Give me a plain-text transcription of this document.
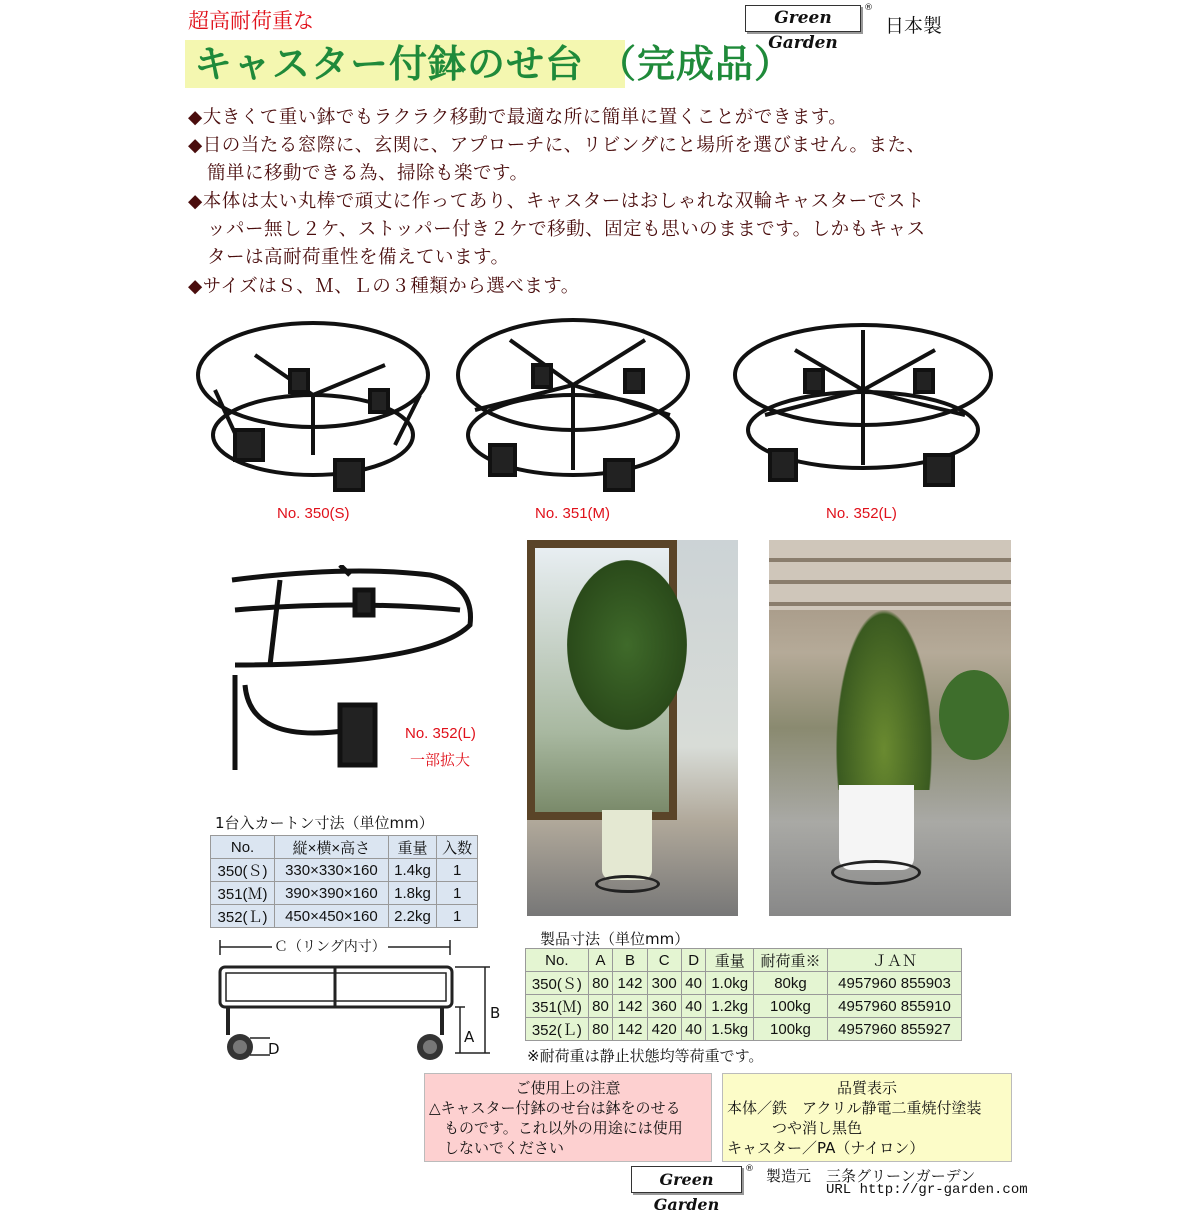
超高耐荷重な	Green Garden
®
日本製
キャスター付鉢のせ台 （完成品）
◆大きくて重い鉢でもラクラク移動で最適な所に簡単に置くことができます。
◆日の当たる窓際に、玄関に、アプローチに、リビングにと場所を選びません。また、
　簡単に移動できる為、掃除も楽です。
◆本体は太い丸棒で頑丈に作ってあり、キャスターはおしゃれな双輪キャスターでスト
　ッパー無し２ケ、ストッパー付き２ケで移動、固定も思いのままです。しかもキャス
　ターは高耐荷重性を備えています。
◆サイズはＳ、Ｍ、Ｌの３種類から選べます。
No. 350(S)	No. 351(M)	No. 352(L)
No. 352(L)
一部拡大
1台入カートン寸法（単位mm）
No.	縦×横×高さ	重量	入数
350(Ｓ)	330×330×160	1.4kg	1
351(Ｍ)	390×390×160	1.8kg	1
352(Ｌ)	450×450×160	2.2kg	1
Ｃ（リング内寸）
B
A
D
製品寸法（単位mm）
No.	A	B	C	D	重量	耐荷重※	ＪＡＮ
350(Ｓ)	80	142	300	40	1.0kg	80kg	4957960 855903
351(Ｍ)	80	142	360	40	1.2kg	100kg	4957960 855910
352(Ｌ)	80	142	420	40	1.5kg	100kg	4957960 855927
※耐荷重は静止状態均等荷重です。
ご使用上の注意
△キャスター付鉢のせ台は鉢をのせる
　ものです。これ以外の用途には使用
　しないでください
品質表示
本体／鉄　アクリル静電二重焼付塗装
　　　つや消し黒色
キャスター／PA（ナイロン）
Green Garden
® 製造元　三条グリーンガーデン
URL http://gr-garden.com
